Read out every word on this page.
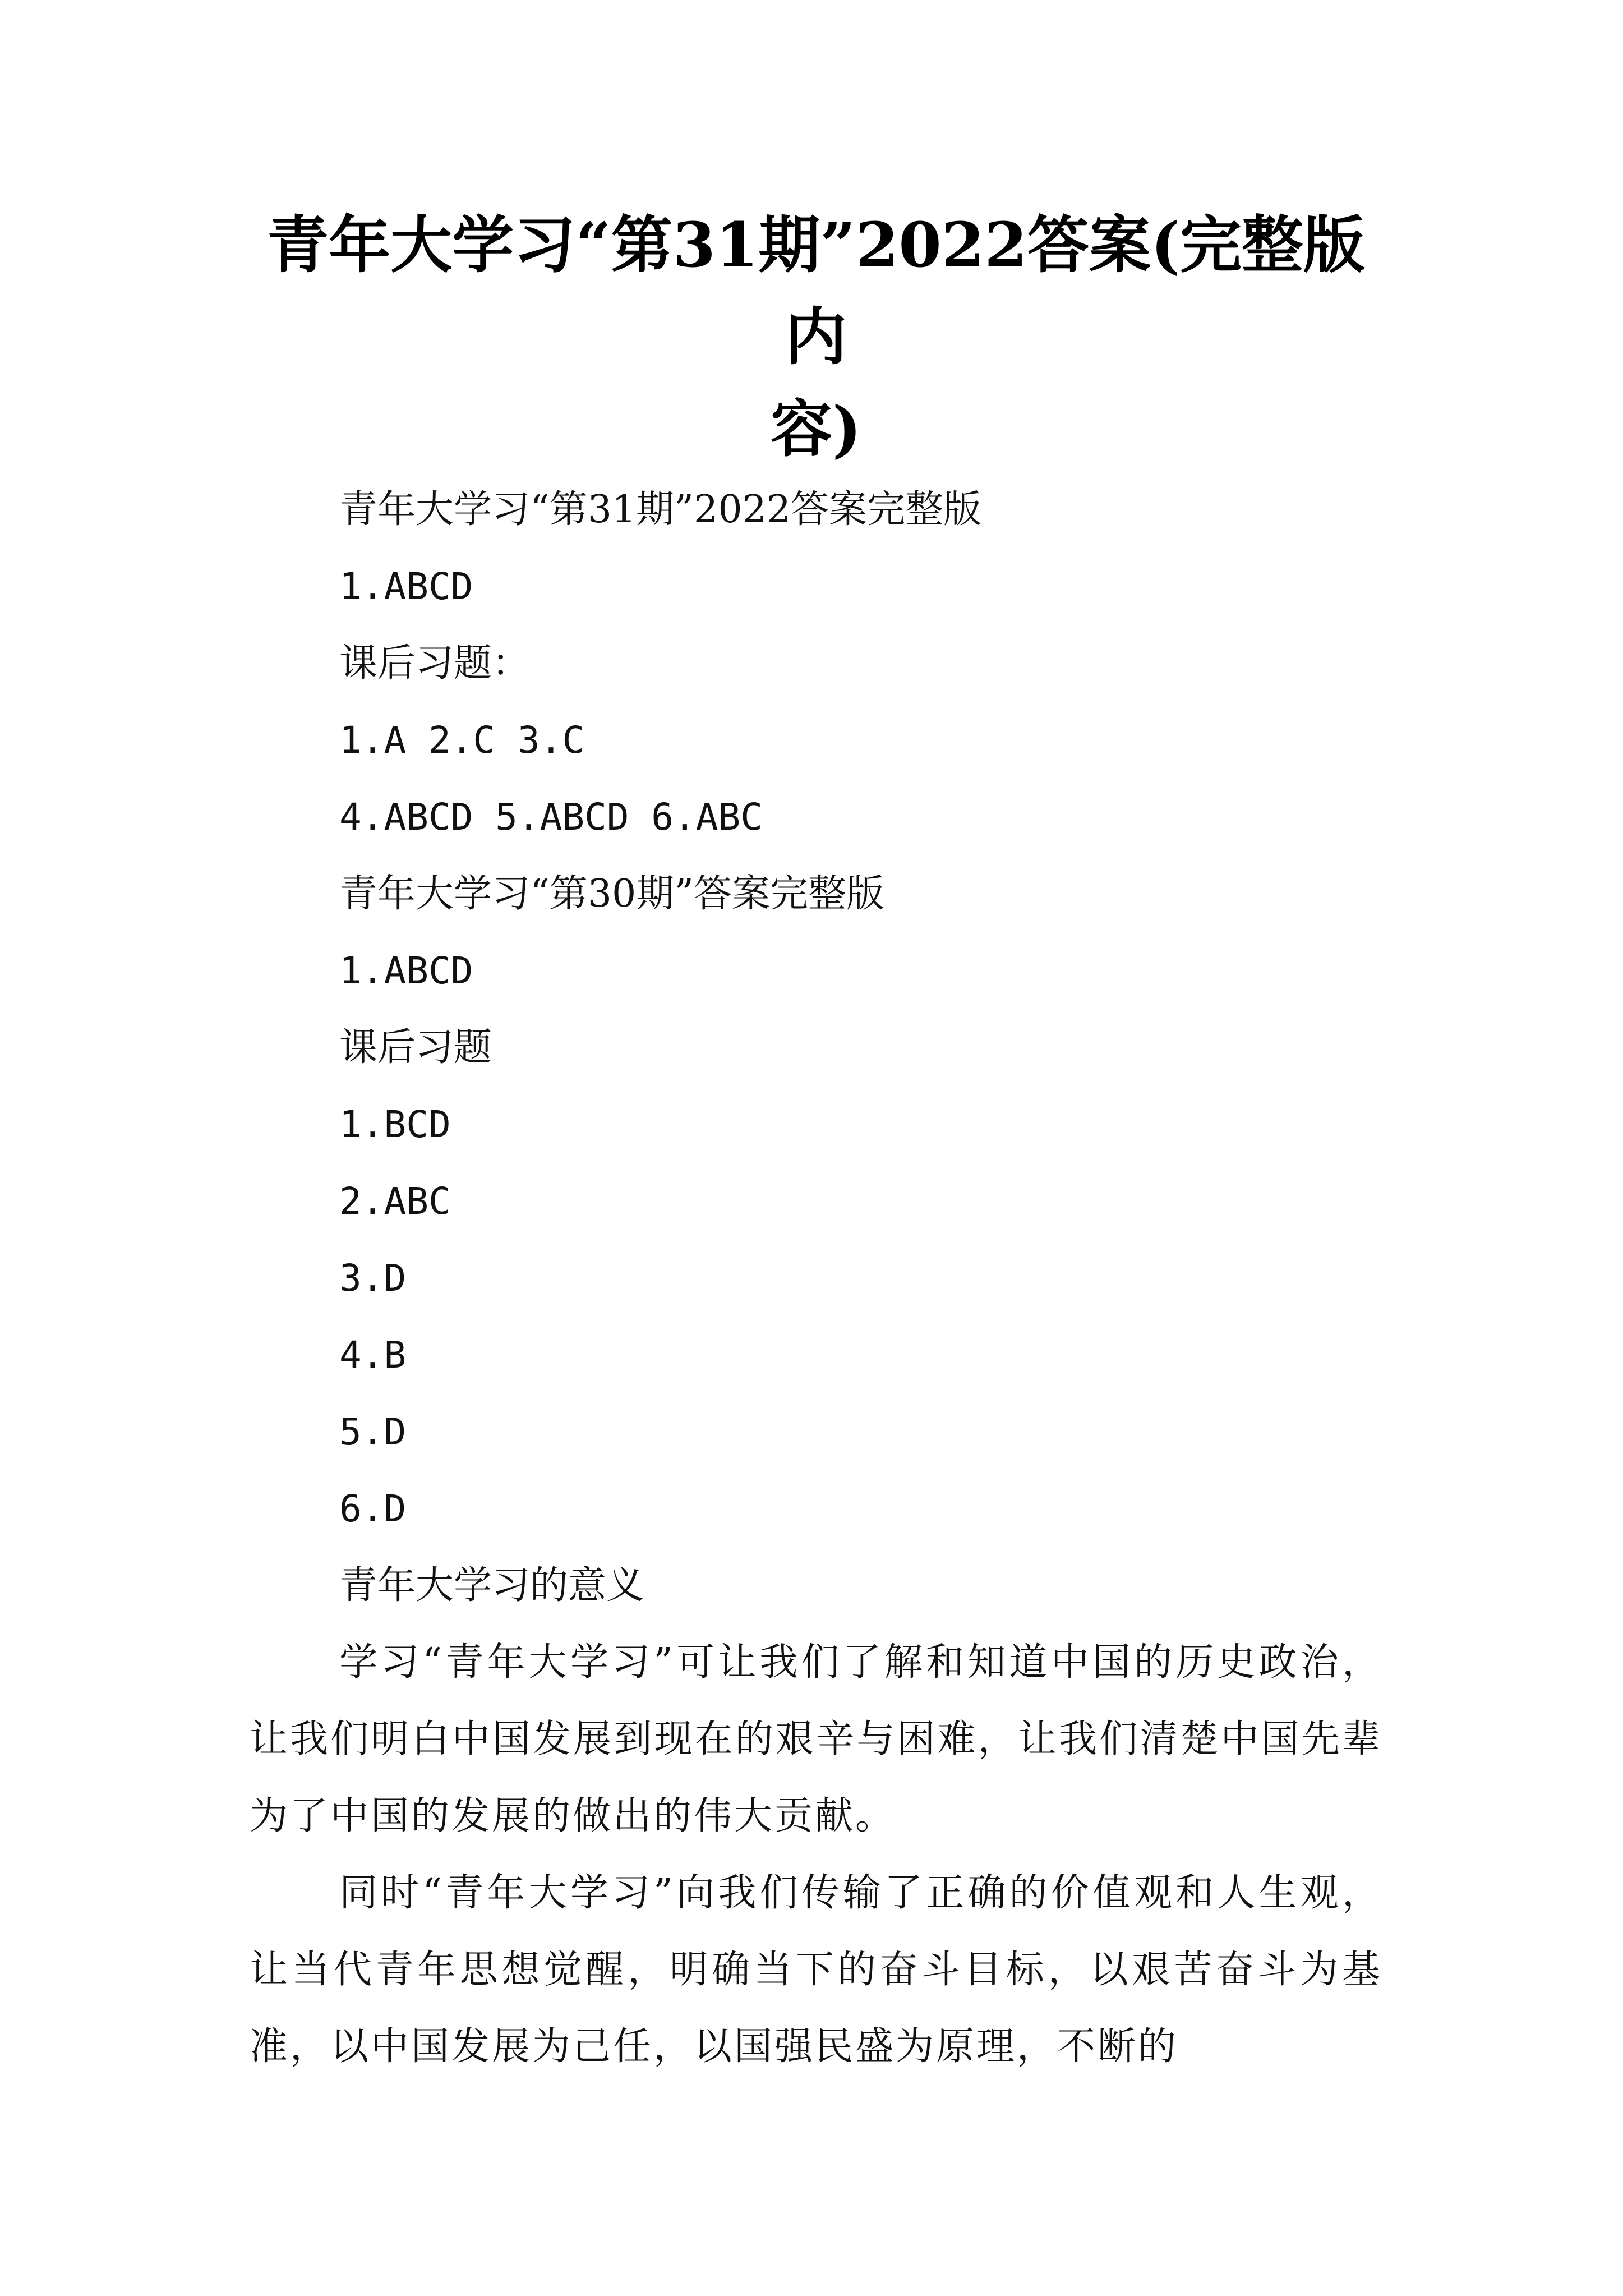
青年大学习“第31期”2022答案(完整版内
容)

青年大学习“第31期”2022答案完整版

1.ABCD

课后习题：

1.A 2.C 3.C

4.ABCD 5.ABCD 6.ABC

青年大学习“第30期”答案完整版

1.ABCD

课后习题

1.BCD

2.ABC

3.D

4.B

5.D

6.D

青年大学习的意义

学习“青年大学习”可让我们了解和知道中国的历史政治，让我们明白中国发展到现在的艰辛与困难，让我们清楚中国先辈为了中国的发展的做出的伟大贡献。

同时“青年大学习”向我们传输了正确的价值观和人生观，让当代青年思想觉醒，明确当下的奋斗目标，以艰苦奋斗为基准，以中国发展为己任，以国强民盛为原理，不断的
